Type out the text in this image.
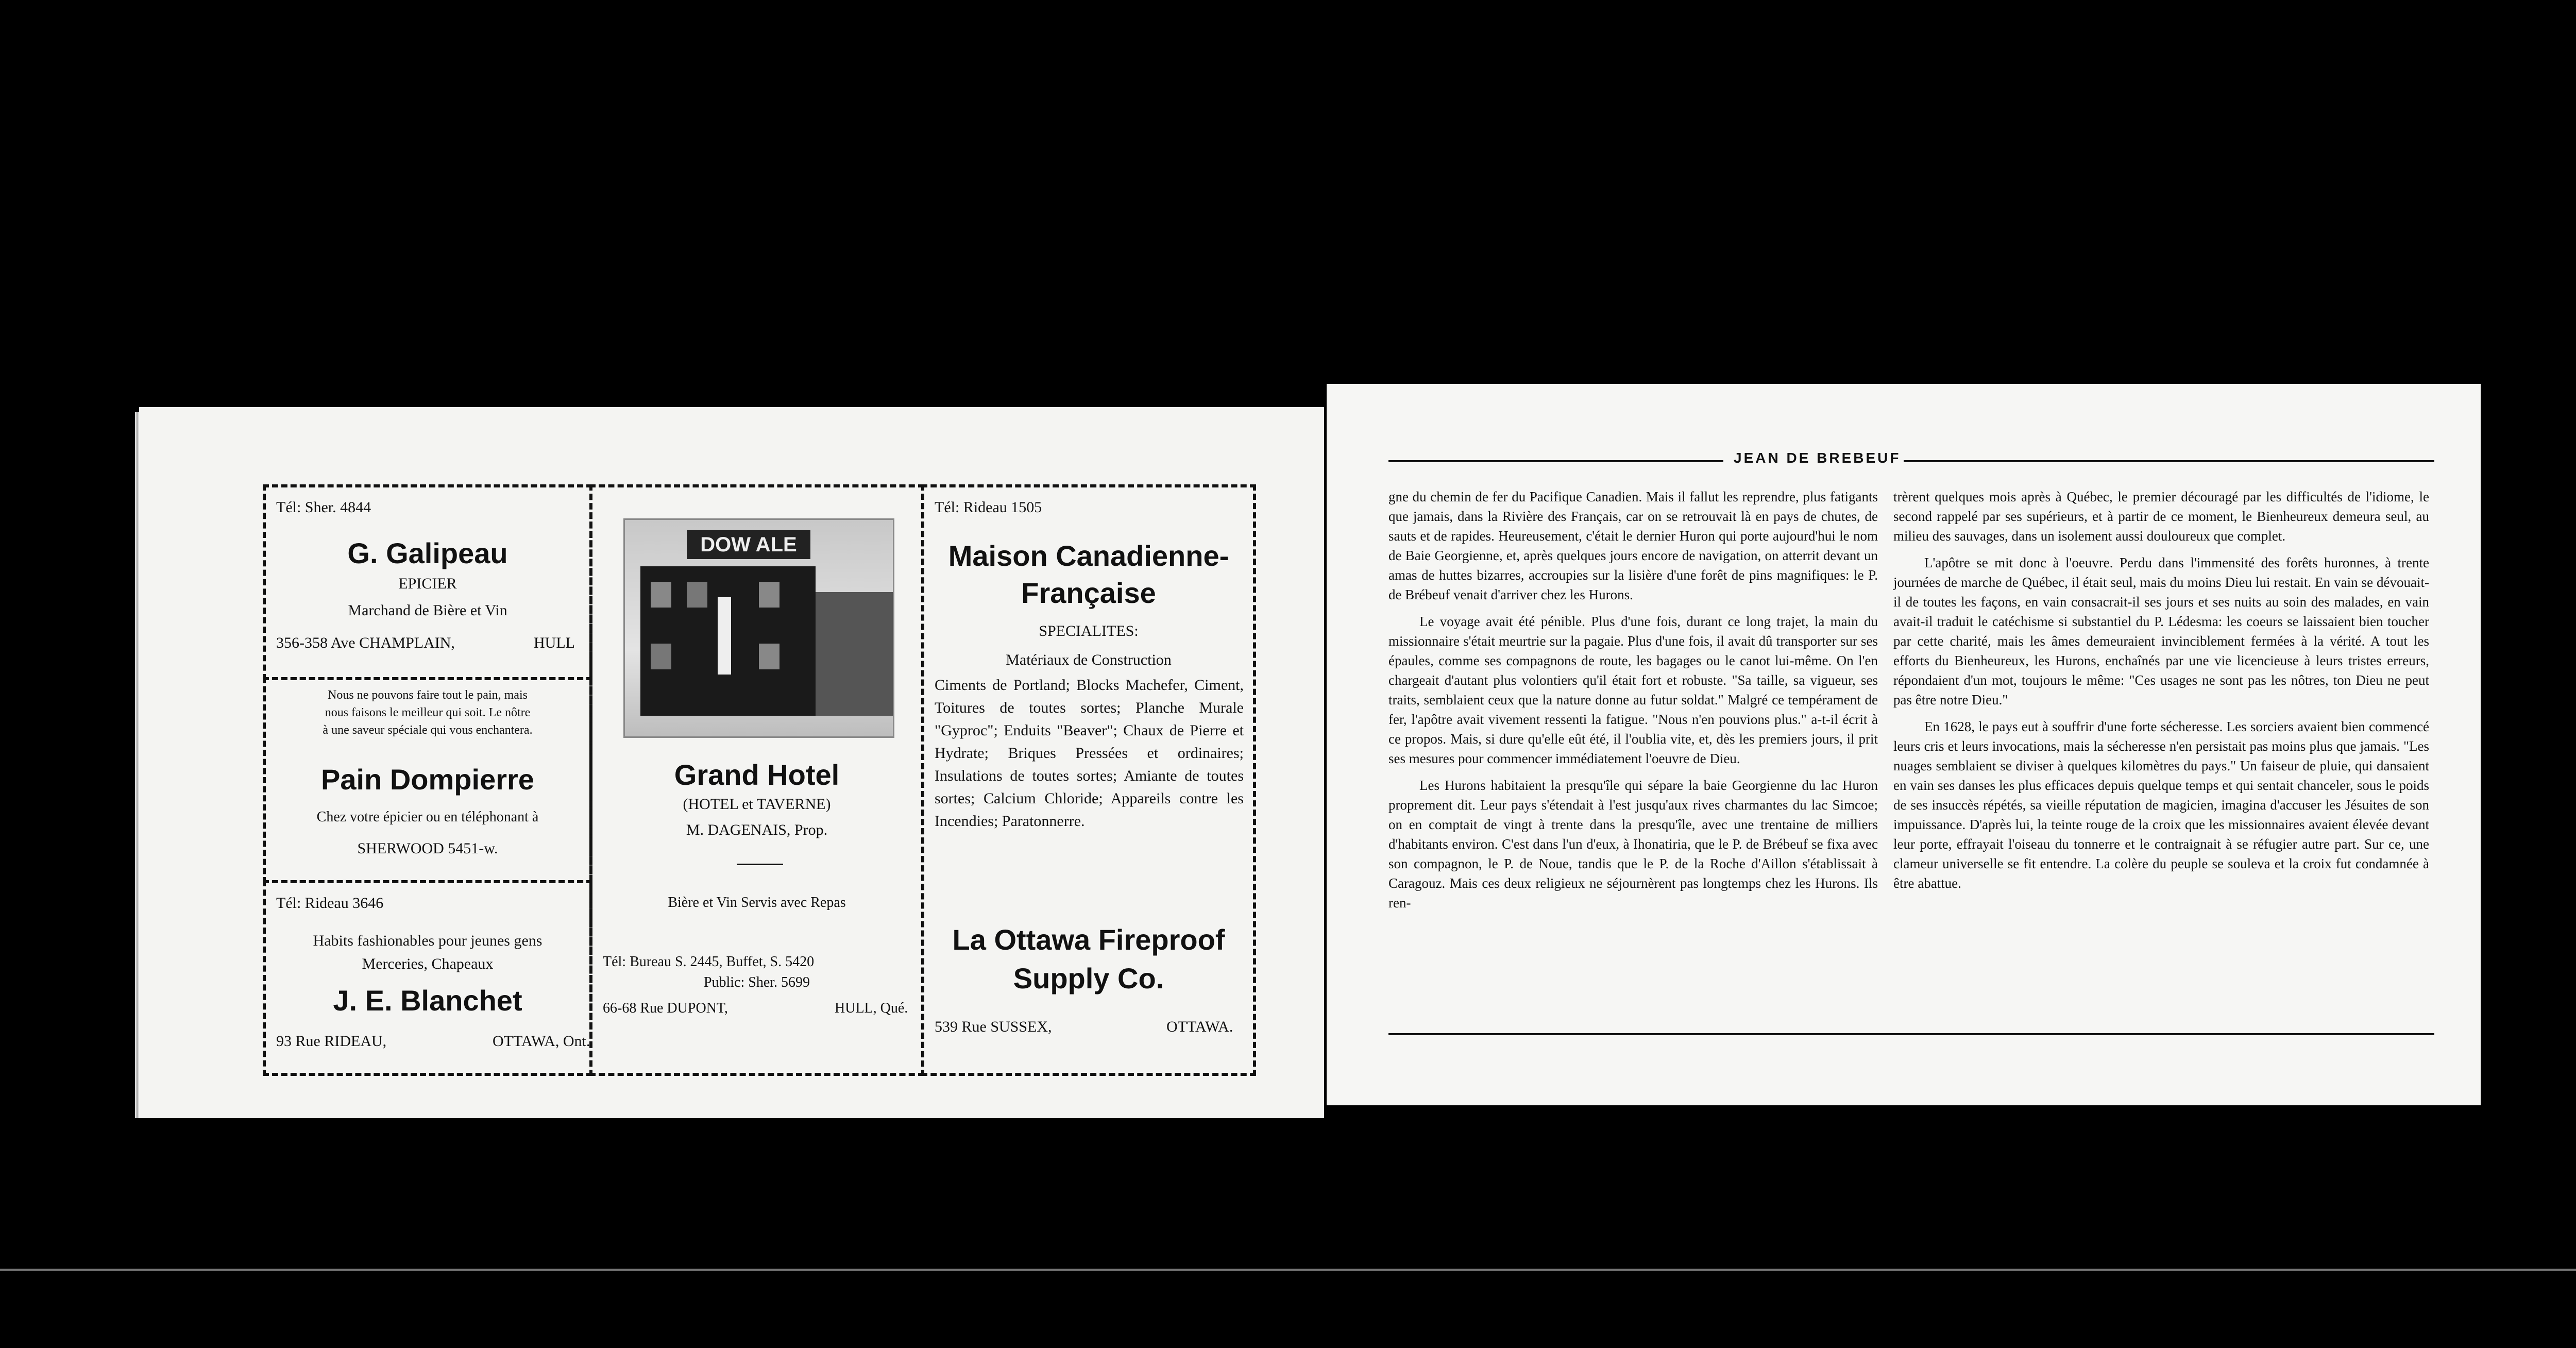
Tél: Sher. 4844
G. Galipeau
EPICIER
Marchand de Bière et Vin
356-358 Ave CHAMPLAIN,	HULL
Nous ne pouvons faire tout le pain, mais
nous faisons le meilleur qui soit. Le nôtre
à une saveur spéciale qui vous enchantera.
Pain Dompierre
Chez votre épicier ou en téléphonant à
SHERWOOD 5451-w.
Tél: Rideau 3646
Habits fashionables pour jeunes gens
Merceries, Chapeaux
J. E. Blanchet
93 Rue RIDEAU,	OTTAWA, Ont.
DOW ALE
Grand Hotel
(HOTEL et TAVERNE)
M. DAGENAIS, Prop.
Bière et Vin Servis avec Repas
Tél: Bureau S. 2445, Buffet, S. 5420
Public: Sher. 5699
66-68 Rue DUPONT,	HULL, Qué.
Tél: Rideau 1505
Maison Canadienne-
Française
SPECIALITES:
Matériaux de Construction
Ciments de Portland; Blocks Machefer, Ciment, Toitures de toutes sortes; Planche Murale "Gyproc"; Enduits "Beaver"; Chaux de Pierre et Hydrate; Briques Pressées et ordinaires; Insulations de toutes sortes; Amiante de toutes sortes; Calcium Chloride; Appareils contre les Incendies; Paratonnerre.
La Ottawa Fireproof
Supply Co.
539 Rue SUSSEX,	OTTAWA.
JEAN DE BREBEUF

gne du chemin de fer du Pacifique Canadien. Mais il fallut les reprendre, plus fatigants que jamais, dans la Rivière des Français, car on se retrouvait là en pays de chutes, de sauts et de rapides. Heureusement, c'était le dernier Huron qui porte aujourd'hui le nom de Baie Georgienne, et, après quelques jours encore de navigation, on atterrit devant un amas de huttes bizarres, accroupies sur la lisière d'une forêt de pins magnifiques: le P. de Brébeuf venait d'arriver chez les Hurons.

Le voyage avait été pénible. Plus d'une fois, durant ce long trajet, la main du missionnaire s'était meurtrie sur la pagaie. Plus d'une fois, il avait dû transporter sur ses épaules, comme ses compagnons de route, les bagages ou le canot lui-même. On l'en chargeait d'autant plus volontiers qu'il était fort et robuste. "Sa taille, sa vigueur, ses traits, semblaient ceux que la nature donne au futur soldat." Malgré ce tempérament de fer, l'apôtre avait vivement ressenti la fatigue. "Nous n'en pouvions plus." a-t-il écrit à ce propos. Mais, si dure qu'elle eût été, il l'oublia vite, et, dès les premiers jours, il prit ses mesures pour commencer immédiatement l'oeuvre de Dieu.

Les Hurons habitaient la presqu'île qui sépare la baie Georgienne du lac Huron proprement dit. Leur pays s'étendait à l'est jusqu'aux rives charmantes du lac Simcoe; on en comptait de vingt à trente dans la presqu'île, avec une trentaine de milliers d'habitants environ. C'est dans l'un d'eux, à Ihonatiria, que le P. de Brébeuf se fixa avec son compagnon, le P. de Noue, tandis que le P. de la Roche d'Aillon s'établissait à Caragouz. Mais ces deux religieux ne séjournèrent pas longtemps chez les Hurons. Ils ren-

trèrent quelques mois après à Québec, le premier découragé par les difficultés de l'idiome, le second rappelé par ses supérieurs, et à partir de ce moment, le Bienheureux demeura seul, au milieu des sauvages, dans un isolement aussi douloureux que complet.

L'apôtre se mit donc à l'oeuvre. Perdu dans l'immensité des forêts huronnes, à trente journées de marche de Québec, il était seul, mais du moins Dieu lui restait. En vain se dévouait-il de toutes les façons, en vain consacrait-il ses jours et ses nuits au soin des malades, en vain avait-il traduit le catéchisme si substantiel du P. Lédesma: les coeurs se laissaient bien toucher par cette charité, mais les âmes demeuraient invinciblement fermées à la vérité. A tout les efforts du Bienheureux, les Hurons, enchaînés par une vie licencieuse à leurs tristes erreurs, répondaient d'un mot, toujours le même: "Ces usages ne sont pas les nôtres, ton Dieu ne peut pas être notre Dieu."

En 1628, le pays eut à souffrir d'une forte sécheresse. Les sorciers avaient bien commencé leurs cris et leurs invocations, mais la sécheresse n'en persistait pas moins plus que jamais. "Les nuages semblaient se diviser à quelques kilomètres du pays." Un faiseur de pluie, qui dansaient en vain ses danses les plus efficaces depuis quelque temps et qui sentait chanceler, sous le poids de ses insuccès répétés, sa vieille réputation de magicien, imagina d'accuser les Jésuites de son impuissance. D'après lui, la teinte rouge de la croix que les missionnaires avaient élevée devant leur porte, effrayait l'oiseau du tonnerre et le contraignait à se réfugier autre part. Sur ce, une clameur universelle se fit entendre. La colère du peuple se souleva et la croix fut condamnée à être abattue.
